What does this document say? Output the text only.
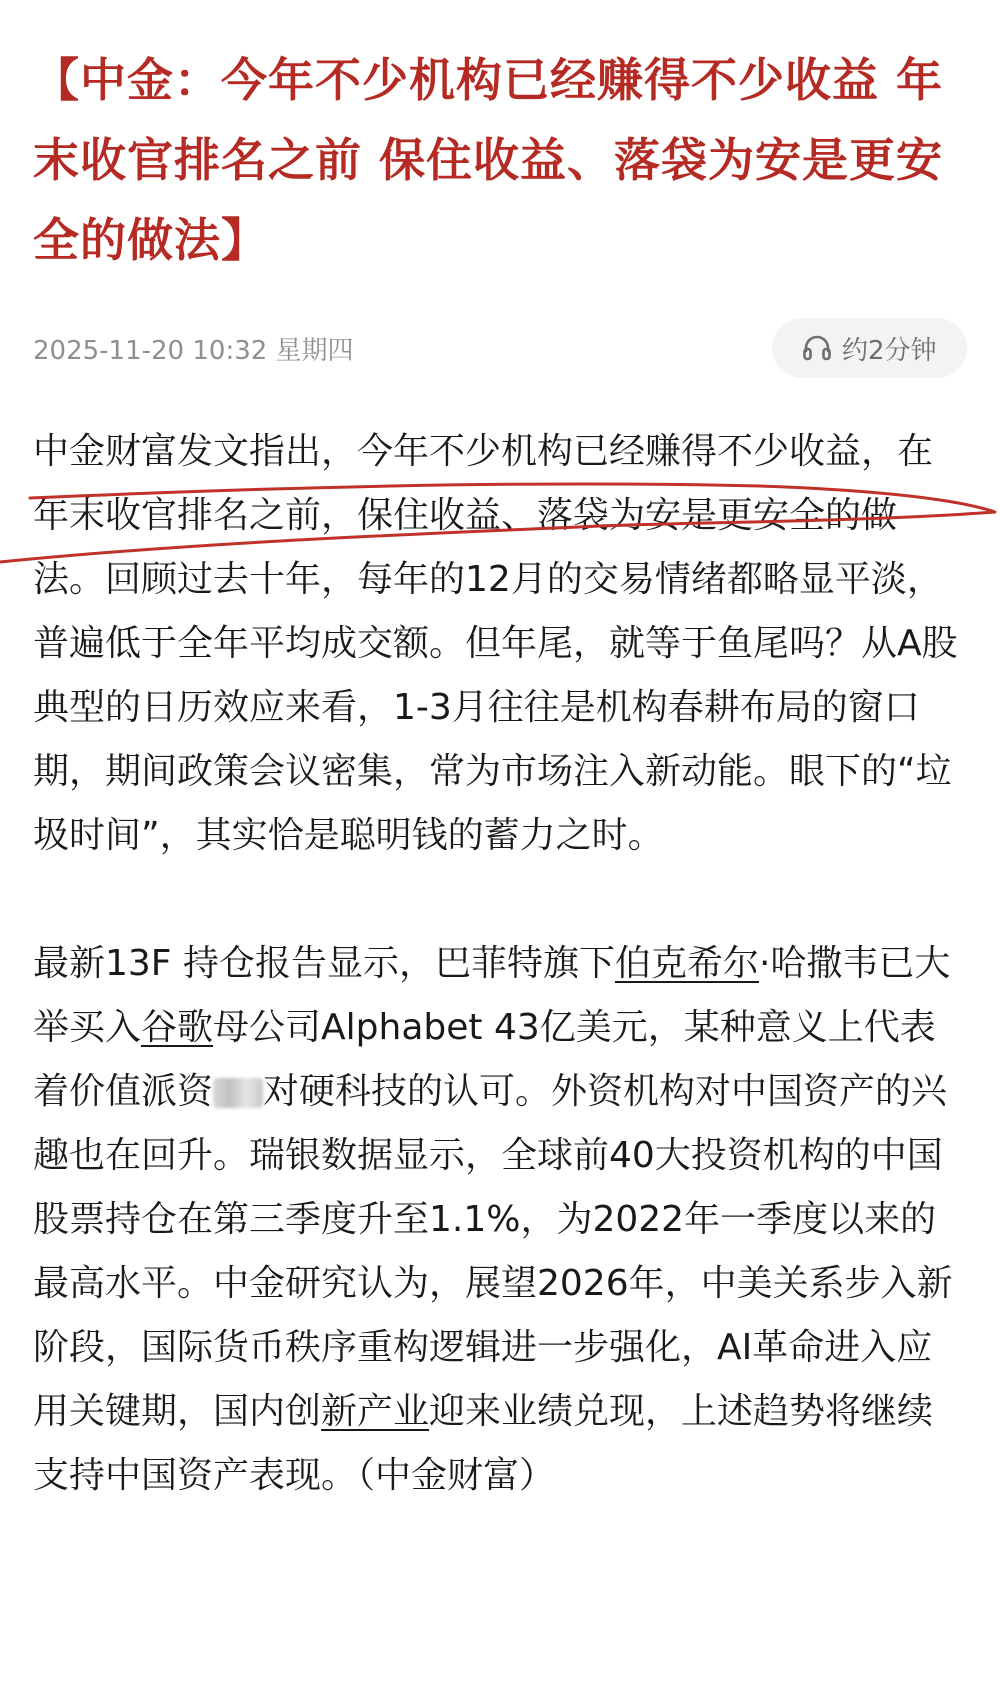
【中金：今年不少机构已经赚得不少收益 年末收官排名之前 保住收益、落袋为安是更安全的做法】
2025-11-20 10:32 星期四	约2分钟

中金财富发文指出，今年不少机构已经赚得不少收益，在年末收官排名之前，保住收益、落袋为安是更安全的做法。回顾过去十年，每年的12月的交易情绪都略显平淡，普遍低于全年平均成交额。但年尾，就等于鱼尾吗？从A股典型的日历效应来看，1-3月往往是机构春耕布局的窗口期，期间政策会议密集，常为市场注入新动能。眼下的“垃圾时间”，其实恰是聪明钱的蓄力之时。

最新13F 持仓报告显示，巴菲特旗下伯克希尔·哈撒韦已大举买入谷歌母公司Alphabet 43亿美元，某种意义上代表着价值派资 对硬科技的认可。外资机构对中国资产的兴趣也在回升。瑞银数据显示，全球前40大投资机构的中国股票持仓在第三季度升至1.1%，为2022年一季度以来的最高水平。中金研究认为，展望2026年，中美关系步入新阶段，国际货币秩序重构逻辑进一步强化，AI革命进入应用关键期，国内创新产业迎来业绩兑现，上述趋势将继续支持中国资产表现。（中金财富）
